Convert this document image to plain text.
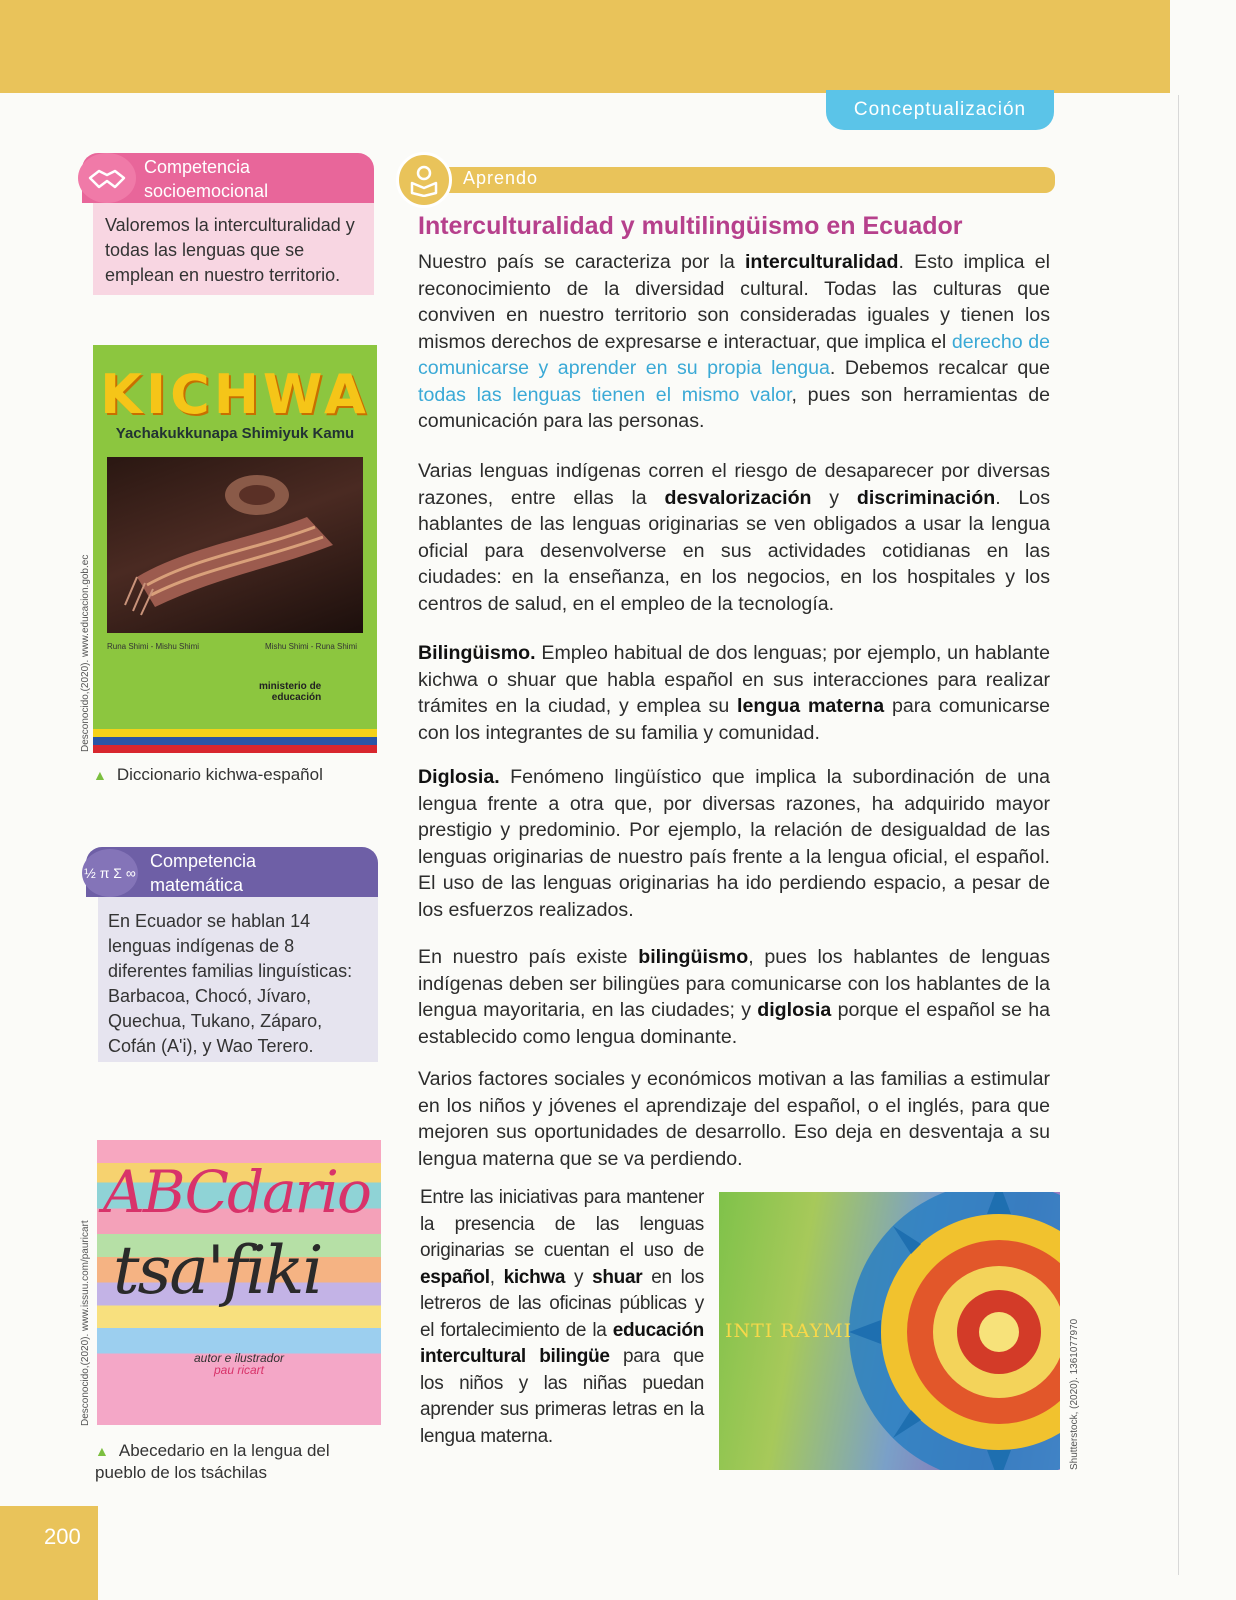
Conceptualización
Competencia
socioemocional
Valoremos la interculturalidad y todas las lenguas que se emplean en nuestro territorio.
KICHWA
Yachakukkunapa Shimiyuk Kamu
Runa Shimi - Mishu Shimi	Mishu Shimi - Runa Shimi
ministerio de
educación
Desconocido,(2020). www.educacion.gob.ec
▲ Diccionario kichwa-español
½ π Σ ∞
Competencia
matemática
En Ecuador se hablan 14 lenguas indígenas de 8 diferentes familias linguísticas: Barbacoa, Chocó, Jívaro, Quechua, Tukano, Záparo, Cofán (A'i), y Wao Terero.
ABCdario
tsa'fiki
autor e ilustrador
pau ricart
Desconocido,(2020). www.issuu.com/pauricart
▲ Abecedario en la lengua del pueblo de los tsáchilas
200
Aprendo
Interculturalidad y multilingüismo en Ecuador

Nuestro país se caracteriza por la interculturalidad. Esto implica el reconocimiento de la diversidad cultural. Todas las culturas que conviven en nuestro territorio son consideradas iguales y tienen los mismos derechos de expresarse e interactuar, que implica el derecho de comunicarse y aprender en su propia lengua. Debemos recalcar que todas las lenguas tienen el mismo valor, pues son herramientas de comunicación para las personas.

Varias lenguas indígenas corren el riesgo de desaparecer por diversas razones, entre ellas la desvalorización y discriminación. Los hablantes de las lenguas originarias se ven obligados a usar la lengua oficial para desenvolverse en sus actividades cotidianas en las ciudades: en la enseñanza, en los negocios, en los hospitales y los centros de salud, en el empleo de la tecnología.

Bilingüismo. Empleo habitual de dos lenguas; por ejemplo, un hablante kichwa o shuar que habla español en sus interacciones para realizar trámites en la ciudad, y emplea su lengua materna para comunicarse con los integrantes de su familia y comunidad.

Diglosia. Fenómeno lingüístico que implica la subordinación de una lengua frente a otra que, por diversas razones, ha adquirido mayor prestigio y predominio. Por ejemplo, la relación de desigualdad de las lenguas originarias de nuestro país frente a la lengua oficial, el español. El uso de las lenguas originarias ha ido perdiendo espacio, a pesar de los esfuerzos realizados.

En nuestro país existe bilingüismo, pues los hablantes de lenguas indígenas deben ser bilingües para comunicarse con los hablantes de la lengua mayoritaria, en las ciudades; y diglosia porque el español se ha establecido como lengua dominante.

Varios factores sociales y económicos motivan a las familias a estimular en los niños y jóvenes el aprendizaje del español, o el inglés, para que mejoren sus oportunidades de desarrollo. Eso deja en desventaja a su lengua materna que se va perdiendo.
Entre las iniciativas para mantener la presencia de las lenguas originarias se cuentan el uso de español, kichwa y shuar en los letreros de las oficinas públicas y el fortalecimiento de la educación intercultural bilingüe para que los niños y las niñas puedan aprender sus primeras letras en la lengua materna.
INTI RAYMI	Shutterstock, (2020). 1361077970
